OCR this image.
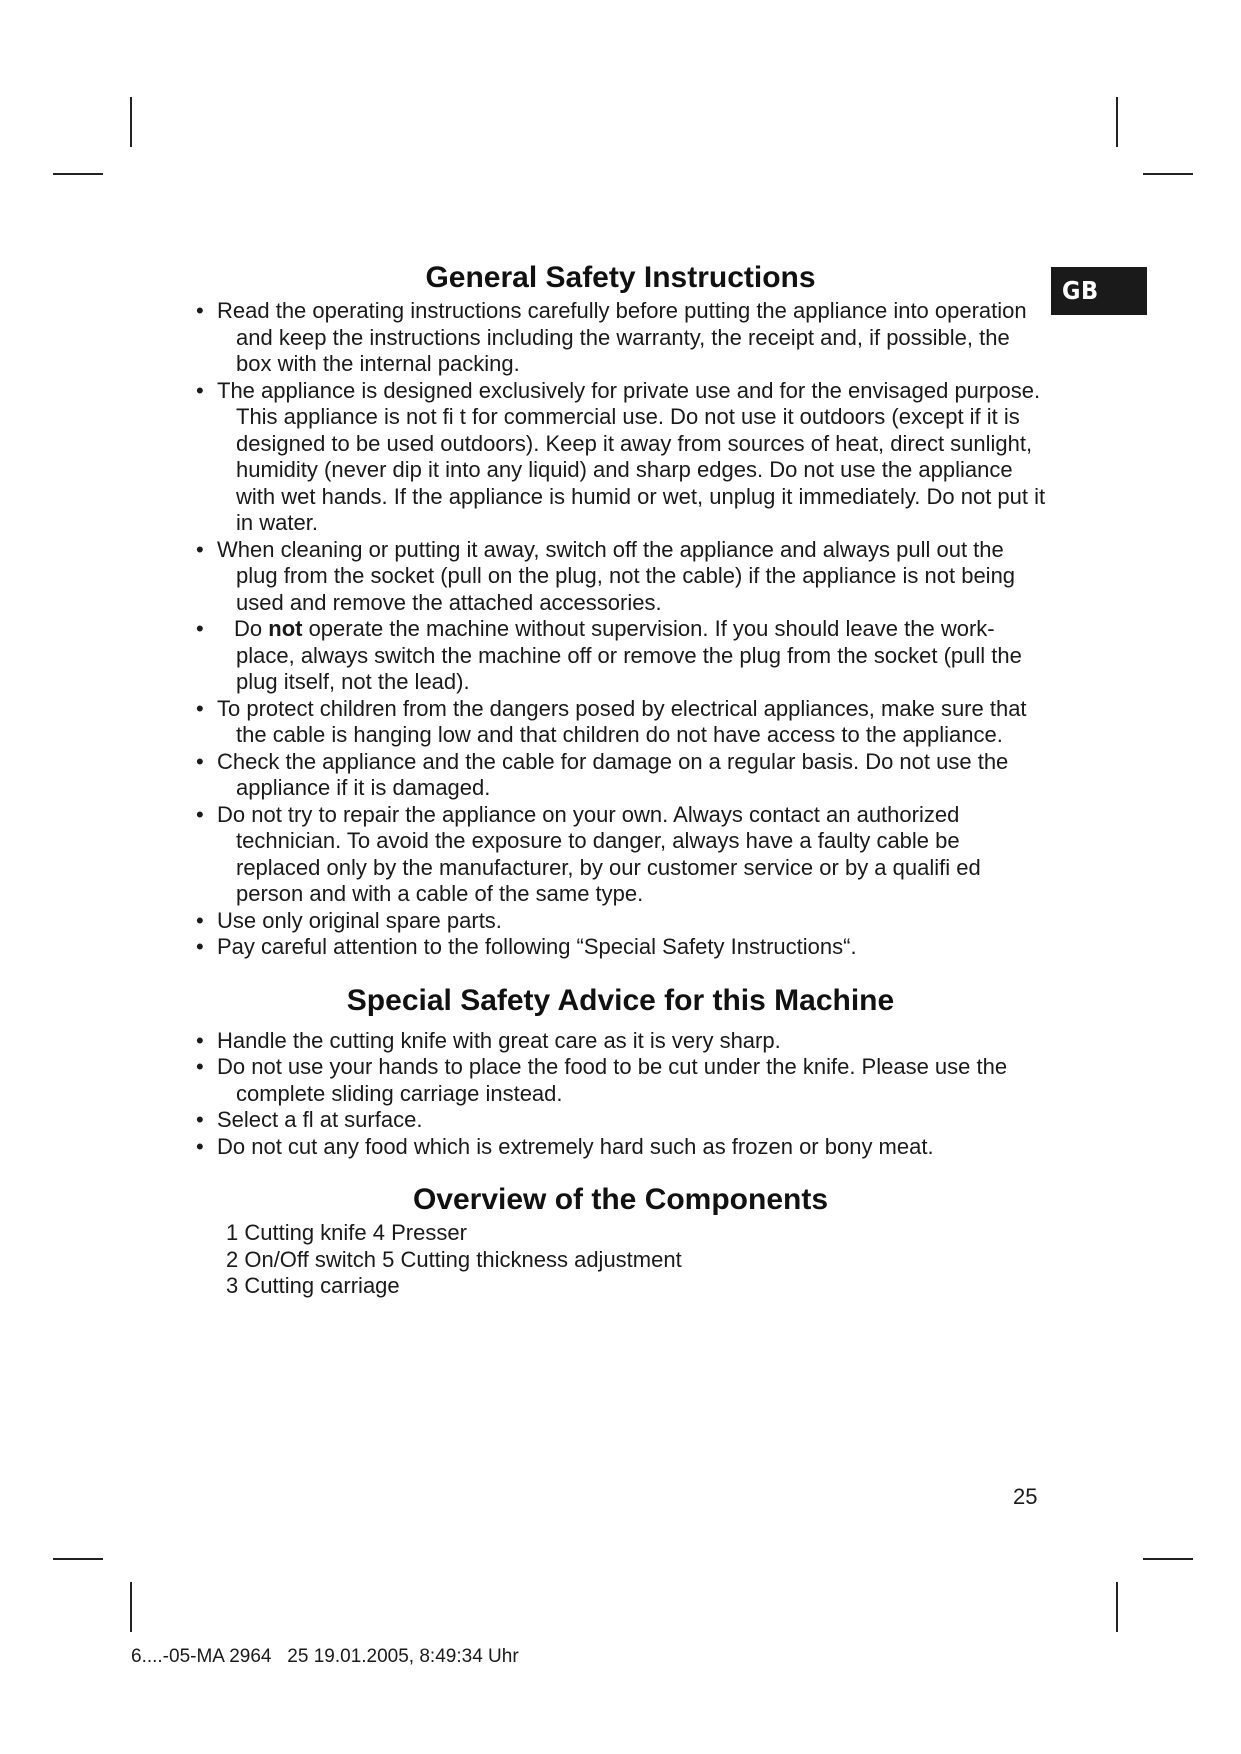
GB
General Safety Instructions
• Read the operating instructions carefully before putting the appliance into operation and keep the instructions including the warranty, the receipt and, if possible, the box with the internal packing.
• The appliance is designed exclusively for private use and for the envisaged purpose. This appliance is not fi t for commercial use. Do not use it outdoors (except if it is designed to be used outdoors). Keep it away from sources of heat, direct sunlight, humidity (never dip it into any liquid) and sharp edges. Do not use the appliance with wet hands. If the appliance is humid or wet, unplug it immediately. Do not put it in water.
• When cleaning or putting it away, switch off the appliance and always pull out the plug from the socket (pull on the plug, not the cable) if the appliance is not being used and remove the attached accessories.
•	Do not operate the machine without supervision. If you should leave the work-place, always switch the machine off or remove the plug from the socket (pull the plug itself, not the lead).
• To protect children from the dangers posed by electrical appliances, make sure that the cable is hanging low and that children do not have access to the appliance.
• Check the appliance and the cable for damage on a regular basis. Do not use the appliance if it is damaged.
• Do not try to repair the appliance on your own. Always contact an authorized technician. To avoid the exposure to danger, always have a faulty cable be replaced only by the manufacturer, by our customer service or by a qualifi ed person and with a cable of the same type.
• Use only original spare parts.
• Pay careful attention to the following “Special Safety Instructions“.
Special Safety Advice for this Machine
• Handle the cutting knife with great care as it is very sharp.
• Do not use your hands to place the food to be cut under the knife. Please use the complete sliding carriage instead.
• Select a fl at surface.
• Do not cut any food which is extremely hard such as frozen or bony meat.
Overview of the Components
1 Cutting knife 4 Presser
2 On/Off switch 5 Cutting thickness adjustment
3 Cutting carriage
25
6....-05-MA 2964   25 19.01.2005, 8:49:34 Uhr
